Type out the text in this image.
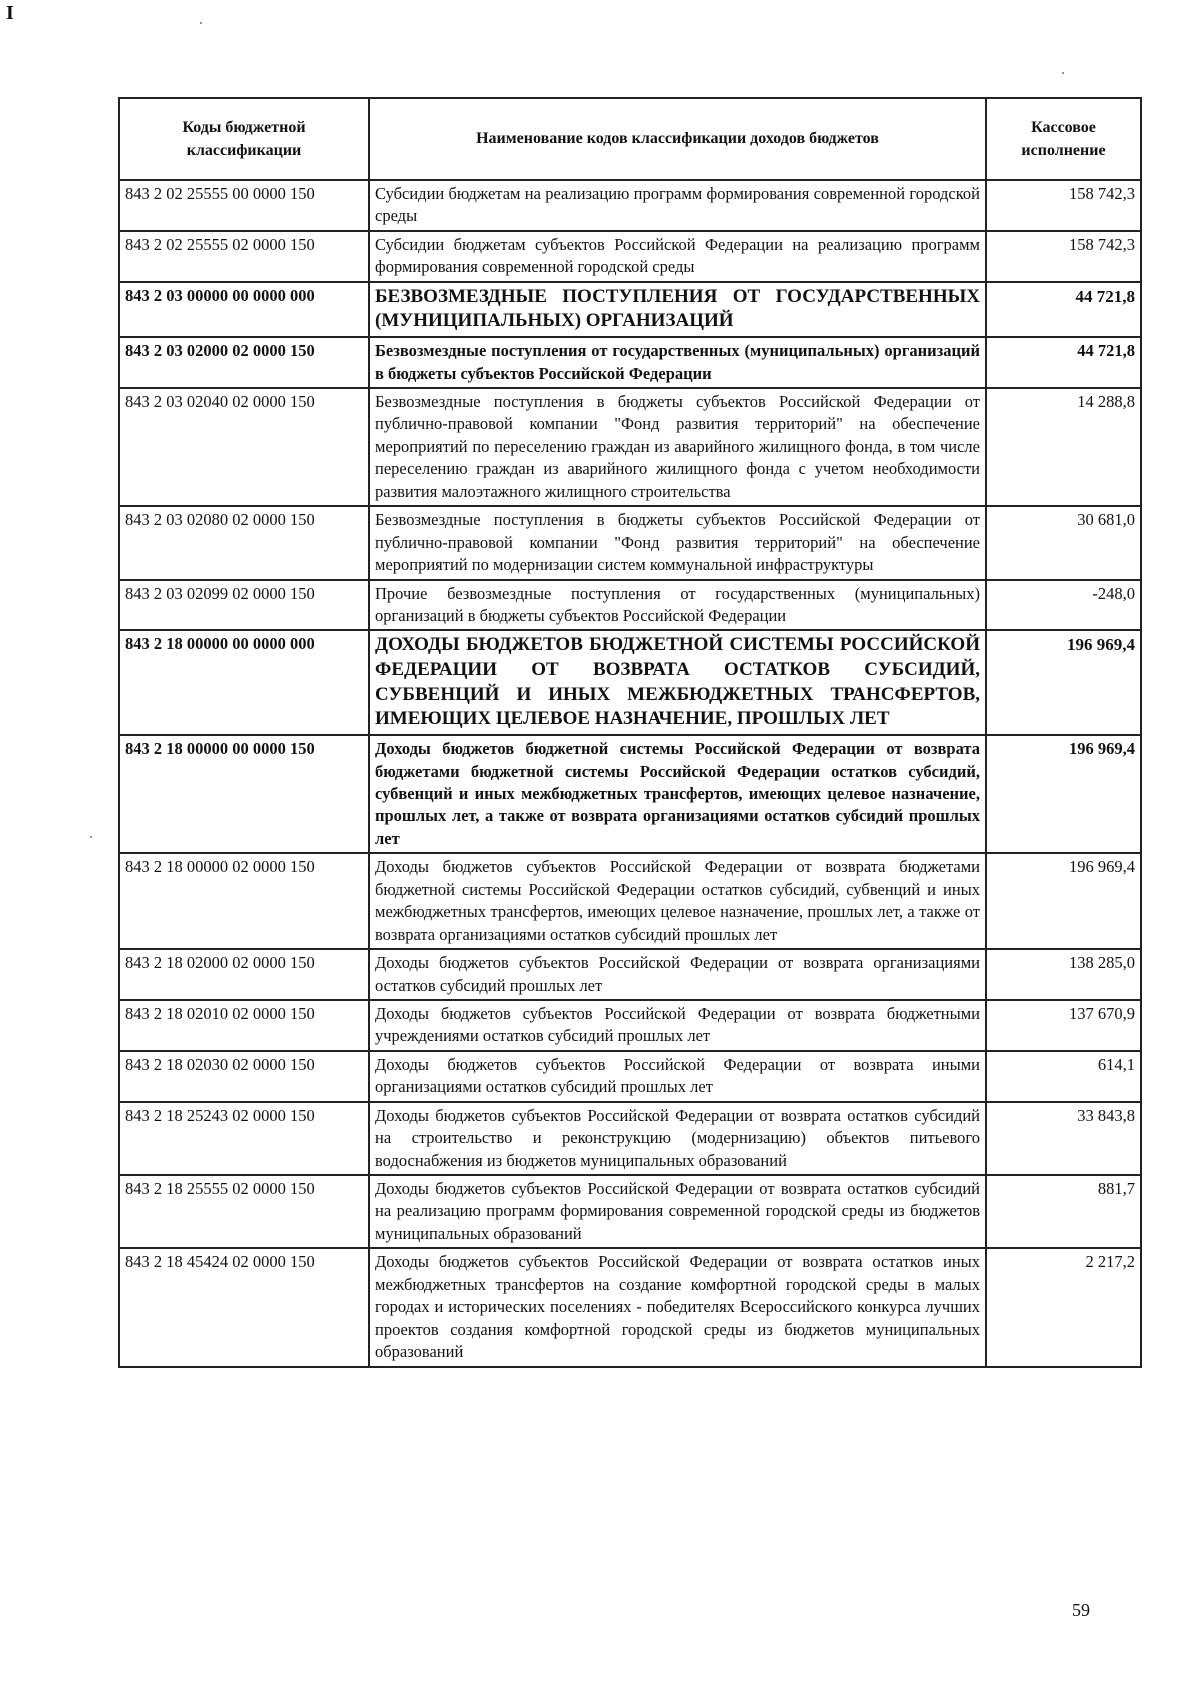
I
Коды бюджетной классификации	Наименование кодов классификации доходов бюджетов	Кассовое исполнение
843 2 02 25555 00 0000 150	Субсидии бюджетам на реализацию программ формирования современной городской среды	158 742,3
843 2 02 25555 02 0000 150	Субсидии бюджетам субъектов Российской Федерации на реализацию программ формирования современной городской среды	158 742,3
843 2 03 00000 00 0000 000	БЕЗВОЗМЕЗДНЫЕ ПОСТУПЛЕНИЯ ОТ ГОСУДАРСТВЕННЫХ (МУНИЦИПАЛЬНЫХ) ОРГАНИЗАЦИЙ	44 721,8
843 2 03 02000 02 0000 150	Безвозмездные поступления от государственных (муниципальных) организаций в бюджеты субъектов Российской Федерации	44 721,8
843 2 03 02040 02 0000 150	Безвозмездные поступления в бюджеты субъектов Российской Федерации от публично-правовой компании "Фонд развития территорий" на обеспечение мероприятий по переселению граждан из аварийного жилищного фонда, в том числе переселению граждан из аварийного жилищного фонда с учетом необходимости развития малоэтажного жилищного строительства	14 288,8
843 2 03 02080 02 0000 150	Безвозмездные поступления в бюджеты субъектов Российской Федерации от публично-правовой компании "Фонд развития территорий" на обеспечение мероприятий по модернизации систем коммунальной инфраструктуры	30 681,0
843 2 03 02099 02 0000 150	Прочие безвозмездные поступления от государственных (муниципальных) организаций в бюджеты субъектов Российской Федерации	-248,0
843 2 18 00000 00 0000 000	ДОХОДЫ БЮДЖЕТОВ БЮДЖЕТНОЙ СИСТЕМЫ РОССИЙСКОЙ ФЕДЕРАЦИИ ОТ ВОЗВРАТА ОСТАТКОВ СУБСИДИЙ, СУБВЕНЦИЙ И ИНЫХ МЕЖБЮДЖЕТНЫХ ТРАНСФЕРТОВ, ИМЕЮЩИХ ЦЕЛЕВОЕ НАЗНАЧЕНИЕ, ПРОШЛЫХ ЛЕТ	196 969,4
843 2 18 00000 00 0000 150	Доходы бюджетов бюджетной системы Российской Федерации от возврата бюджетами бюджетной системы Российской Федерации остатков субсидий, субвенций и иных межбюджетных трансфертов, имеющих целевое назначение, прошлых лет, а также от возврата организациями остатков субсидий прошлых лет	196 969,4
843 2 18 00000 02 0000 150	Доходы бюджетов субъектов Российской Федерации от возврата бюджетами бюджетной системы Российской Федерации остатков субсидий, субвенций и иных межбюджетных трансфертов, имеющих целевое назначение, прошлых лет, а также от возврата организациями остатков субсидий прошлых лет	196 969,4
843 2 18 02000 02 0000 150	Доходы бюджетов субъектов Российской Федерации от возврата организациями остатков субсидий прошлых лет	138 285,0
843 2 18 02010 02 0000 150	Доходы бюджетов субъектов Российской Федерации от возврата бюджетными учреждениями остатков субсидий прошлых лет	137 670,9
843 2 18 02030 02 0000 150	Доходы бюджетов субъектов Российской Федерации от возврата иными организациями остатков субсидий прошлых лет	614,1
843 2 18 25243 02 0000 150	Доходы бюджетов субъектов Российской Федерации от возврата остатков субсидий на строительство и реконструкцию (модернизацию) объектов питьевого водоснабжения из бюджетов муниципальных образований	33 843,8
843 2 18 25555 02 0000 150	Доходы бюджетов субъектов Российской Федерации от возврата остатков субсидий на реализацию программ формирования современной городской среды из бюджетов муниципальных образований	881,7
843 2 18 45424 02 0000 150	Доходы бюджетов субъектов Российской Федерации от возврата остатков иных межбюджетных трансфертов на создание комфортной городской среды в малых городах и исторических поселениях - победителях Всероссийского конкурса лучших проектов создания комфортной городской среды из бюджетов муниципальных образований	2 217,2
59
